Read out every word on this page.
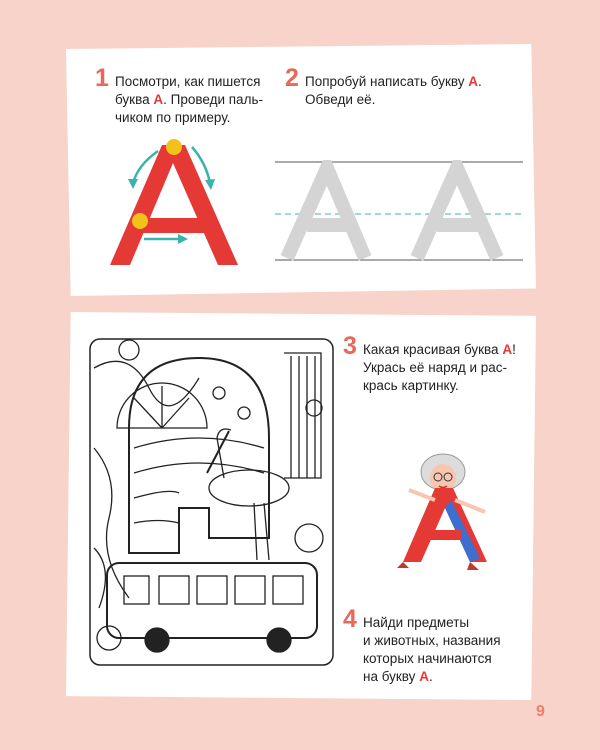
1 Посмотри, как пишется
буква А. Проведи паль-
чиком по примеру.
2 Попробуй написать букву А.
Обведи её.
3 Какая красивая буква А!
Укрась её наряд и рас-
крась картинку.
4 Найди предметы
и животных, названия
которых начинаются
на букву А.
9
